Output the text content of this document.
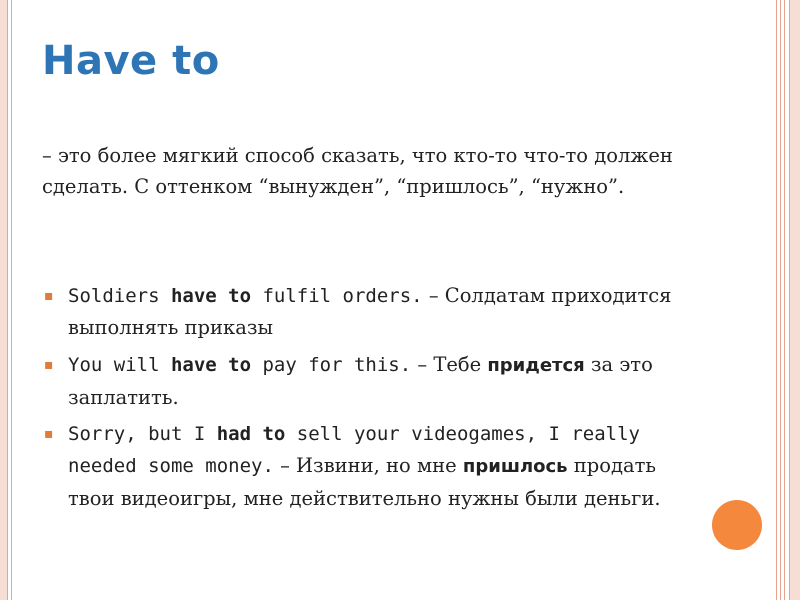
Have to

– это более мягкий способ сказать, что кто-то что-то должен сделать. С оттенком “вынужден”, “пришлось”, “нужно”.

▪ Soldiers have to fulfil orders. – Солдатам приходится выполнять приказы
▪ You will have to pay for this. – Тебе придется за это заплатить.
▪ Sorry, but I had to sell your videogames, I really needed some money. – Извини, но мне пришлось продать твои видеоигры, мне действительно нужны были деньги.
